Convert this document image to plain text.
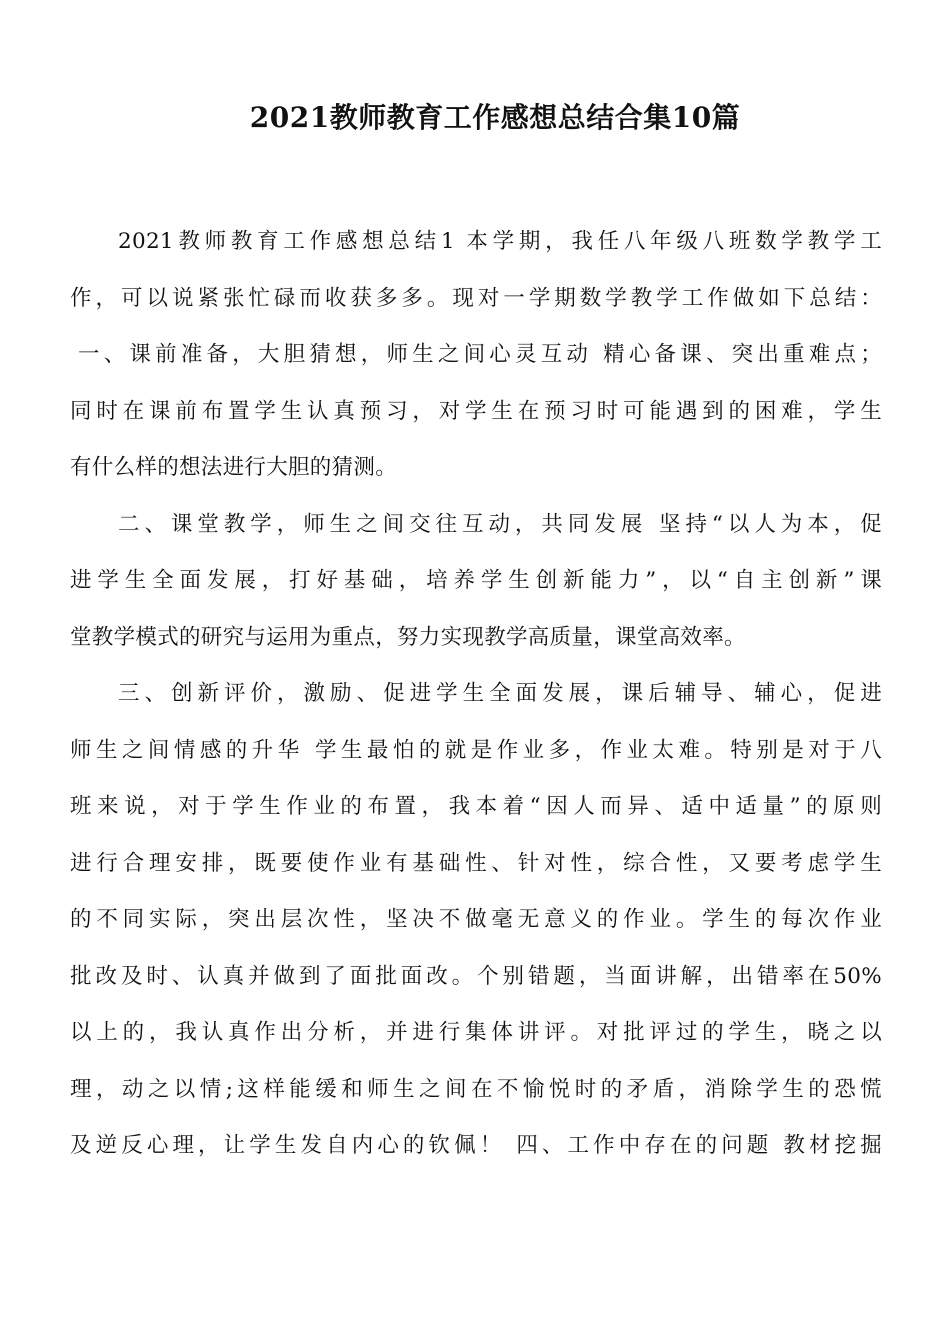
2021教师教育工作感想总结合集10篇
2021教师教育工作感想总结1 本学期，我任八年级八班数学教学工
作，可以说紧张忙碌而收获多多。现对一学期数学教学工作做如下总结：
一、课前准备，大胆猜想，师生之间心灵互动 精心备课、突出重难点；
同时在课前布置学生认真预习，对学生在预习时可能遇到的困难，学生
有什么样的想法进行大胆的猜测。
二、课堂教学，师生之间交往互动，共同发展 坚持“以人为本，促
进学生全面发展，打好基础，培养学生创新能力”，以“自主创新”课
堂教学模式的研究与运用为重点，努力实现教学高质量，课堂高效率。
三、创新评价，激励、促进学生全面发展，课后辅导、辅心，促进
师生之间情感的升华 学生最怕的就是作业多，作业太难。特别是对于八
班来说，对于学生作业的布置，我本着“因人而异、适中适量”的原则
进行合理安排，既要使作业有基础性、针对性，综合性，又要考虑学生
的不同实际，突出层次性，坚决不做毫无意义的作业。学生的每次作业
批改及时、认真并做到了面批面改。个别错题，当面讲解，出错率在50%
以上的，我认真作出分析，并进行集体讲评。对批评过的学生，晓之以
理，动之以情;这样能缓和师生之间在不愉悦时的矛盾，消除学生的恐慌
及逆反心理，让学生发自内心的钦佩！ 四、工作中存在的问题 教材挖掘
